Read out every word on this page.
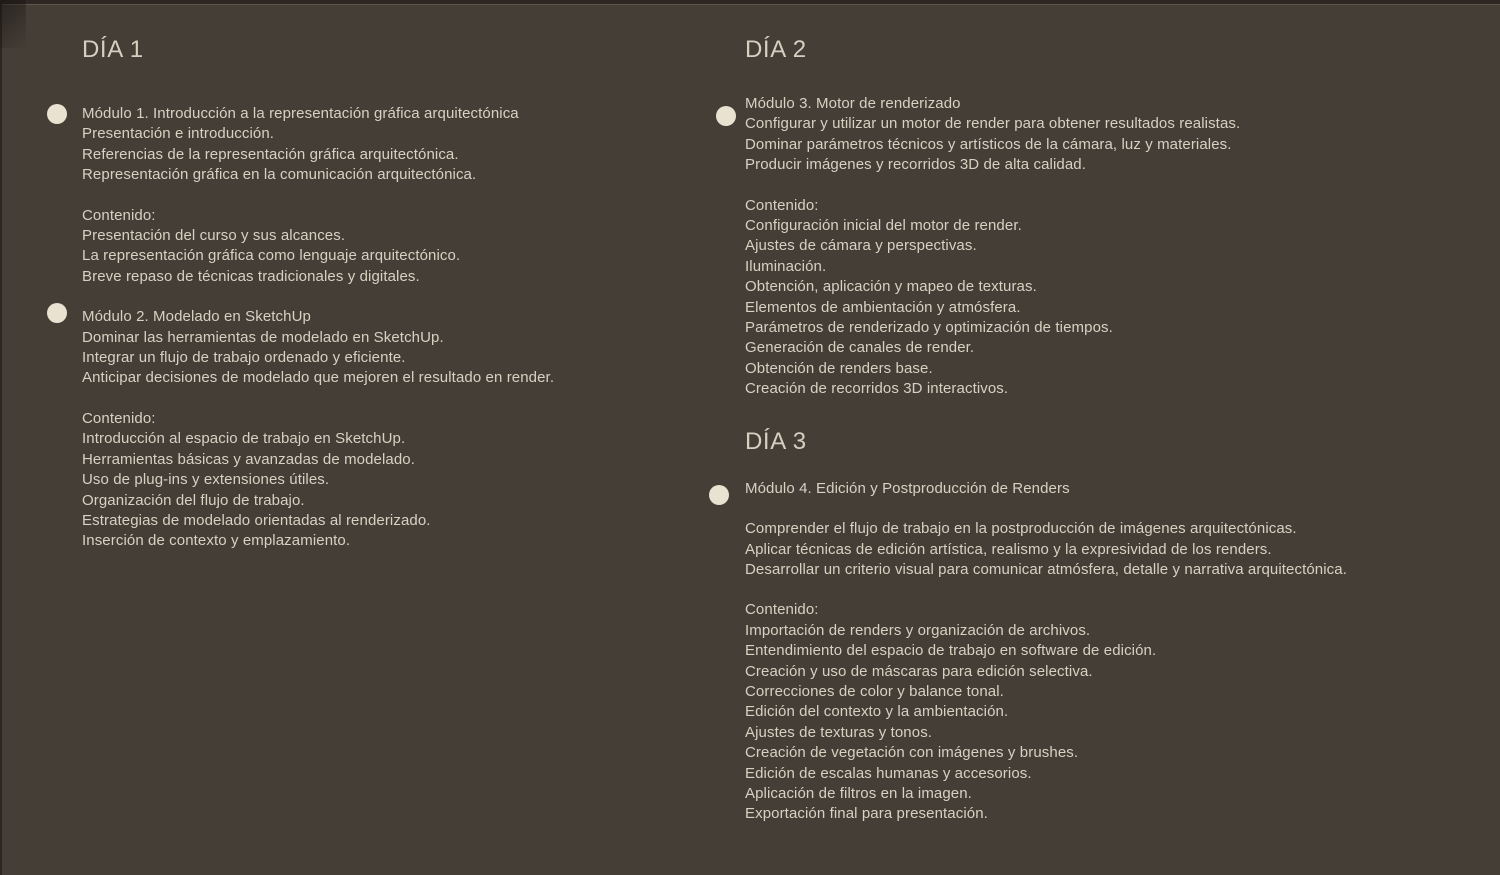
DÍA 1
Módulo 1. Introducción a la representación gráfica arquitectónica
Presentación e introducción.
Referencias de la representación gráfica arquitectónica.
Representación gráfica en la comunicación arquitectónica.
Contenido:
Presentación del curso y sus alcances.
La representación gráfica como lenguaje arquitectónico.
Breve repaso de técnicas tradicionales y digitales.
Módulo 2. Modelado en SketchUp
Dominar las herramientas de modelado en SketchUp.
Integrar un flujo de trabajo ordenado y eficiente.
Anticipar decisiones de modelado que mejoren el resultado en render.
Contenido:
Introducción al espacio de trabajo en SketchUp.
Herramientas básicas y avanzadas de modelado.
Uso de plug-ins y extensiones útiles.
Organización del flujo de trabajo.
Estrategias de modelado orientadas al renderizado.
Inserción de contexto y emplazamiento.
DÍA 2
Módulo 3. Motor de renderizado
Configurar y utilizar un motor de render para obtener resultados realistas.
Dominar parámetros técnicos y artísticos de la cámara, luz y materiales.
Producir imágenes y recorridos 3D de alta calidad.
Contenido:
Configuración inicial del motor de render.
Ajustes de cámara y perspectivas.
Iluminación.
Obtención, aplicación y mapeo de texturas.
Elementos de ambientación y atmósfera.
Parámetros de renderizado y optimización de tiempos.
Generación de canales de render.
Obtención de renders base.
Creación de recorridos 3D interactivos.
DÍA 3
Módulo 4. Edición y Postproducción de Renders
Comprender el flujo de trabajo en la postproducción de imágenes arquitectónicas.
Aplicar técnicas de edición artística, realismo y la expresividad de los renders.
Desarrollar un criterio visual para comunicar atmósfera, detalle y narrativa arquitectónica.
Contenido:
Importación de renders y organización de archivos.
Entendimiento del espacio de trabajo en software de edición.
Creación y uso de máscaras para edición selectiva.
Correcciones de color y balance tonal.
Edición del contexto y la ambientación.
Ajustes de texturas y tonos.
Creación de vegetación con imágenes y brushes.
Edición de escalas humanas y accesorios.
Aplicación de filtros en la imagen.
Exportación final para presentación.
